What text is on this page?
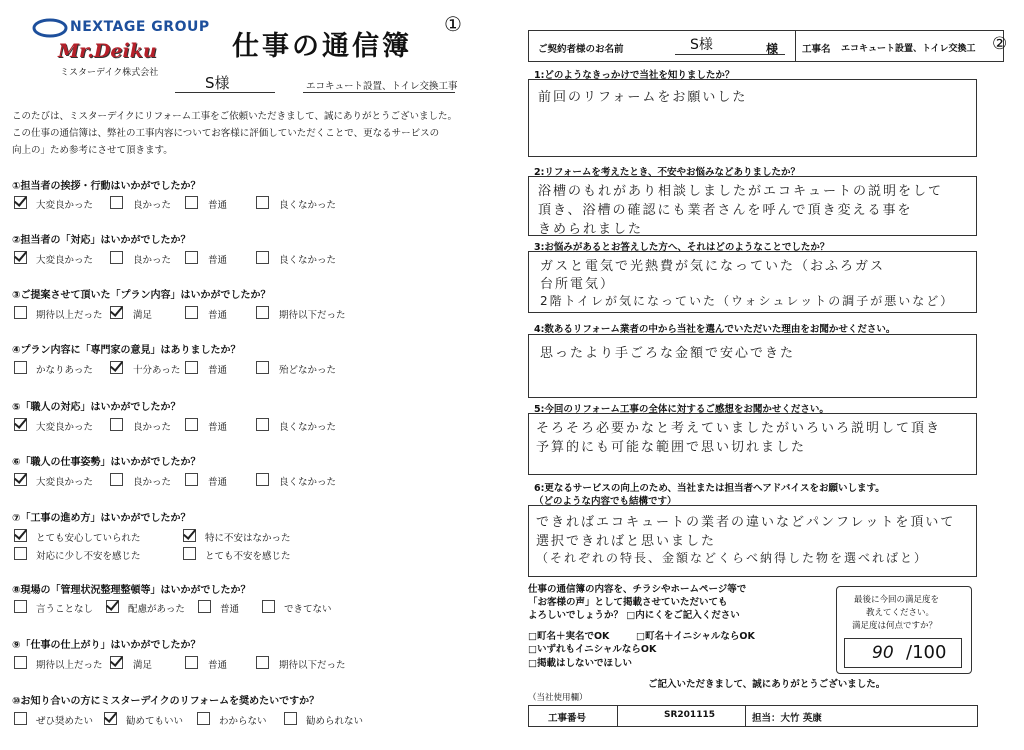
NEXTAGE GROUP
Mr.Deiku
ミスターデイク株式会社
仕事の通信簿
①
S様	エコキュート設置、トイレ交換工事
このたびは、ミスターデイクにリフォーム工事をご依頼いただきまして、誠にありがとうございました。
この仕事の通信簿は、弊社の工事内容についてお客様に評価していただくことで、更なるサービスの
向上の」ため参考にさせて頂きます。
①担当者の挨拶・行動はいかがでしたか？
大変良かった	良かった	普通	良くなかった
②担当者の「対応」はいかがでしたか？
大変良かった	良かった	普通	良くなかった
③ご提案させて頂いた「プラン内容」はいかがでしたか？
期待以上だった	満足	普通	期待以下だった
④プラン内容に「専門家の意見」はありましたか？
かなりあった	十分あった	普通	殆どなかった
⑤「職人の対応」はいかがでしたか？
大変良かった	良かった	普通	良くなかった
⑥「職人の仕事姿勢」はいかがでしたか？
大変良かった	良かった	普通	良くなかった
⑦「工事の進め方」はいかがでしたか？
とても安心していられた	特に不安はなかった
対応に少し不安を感じた	とても不安を感じた
⑧現場の「管理状況整理整頓等」はいかがでしたか？
言うことなし	配慮があった	普通	できてない
⑨「仕事の仕上がり」はいかがでしたか？
期待以上だった	満足	普通	期待以下だった
⑩お知り合いの方にミスターデイクのリフォームを奨めたいですか？
ぜひ奨めたい	勧めてもいい	わからない	勧められない
ご契約者様のお名前	S様	様	工事名 エコキュート設置、トイレ交換工 ②
1:どのようなきっかけで当社を知りましたか？
前回のリフォームをお願いした
2:リフォームを考えたとき、不安やお悩みなどありましたか？
浴槽のもれがあり相談しましたがエコキュートの説明をして
頂き、浴槽の確認にも業者さんを呼んで頂き変える事を
きめられました
3:お悩みがあるとお答えした方へ、それはどのようなことでしたか？
ガスと電気で光熱費が気になっていた（おふろガス
台所電気）
2階トイレが気になっていた（ウォシュレットの調子が悪いなど）
4:数あるリフォーム業者の中から当社を選んでいただいた理由をお聞かせください。
思ったより手ごろな金額で安心できた
5:今回のリフォーム工事の全体に対するご感想をお聞かせください。
そろそろ必要かなと考えていましたがいろいろ説明して頂き
予算的にも可能な範囲で思い切れました
6:更なるサービスの向上のため、当社または担当者へアドバイスをお願いします。
（どのような内容でも結構です）
できればエコキュートの業者の違いなどパンフレットを頂いて
選択できればと思いました
（それぞれの特長、金額などくらべ納得した物を選べればと）
仕事の通信簿の内容を、チラシやホームページ等で
「お客様の声」として掲載させていただいても
よろしいでしょうか？ □内にくをご記入ください
□町名＋実名でOK	□町名＋イニシャルならOK
□いずれもイニシャルならOK
□掲載はしないでほしい
最後に今回の満足度を
教えてください。
満足度は何点ですか？
90 /100
ご記入いただきまして、誠にありがとうございました。
（当社使用欄）
工事番号	SR201115	担当：大竹 英康
